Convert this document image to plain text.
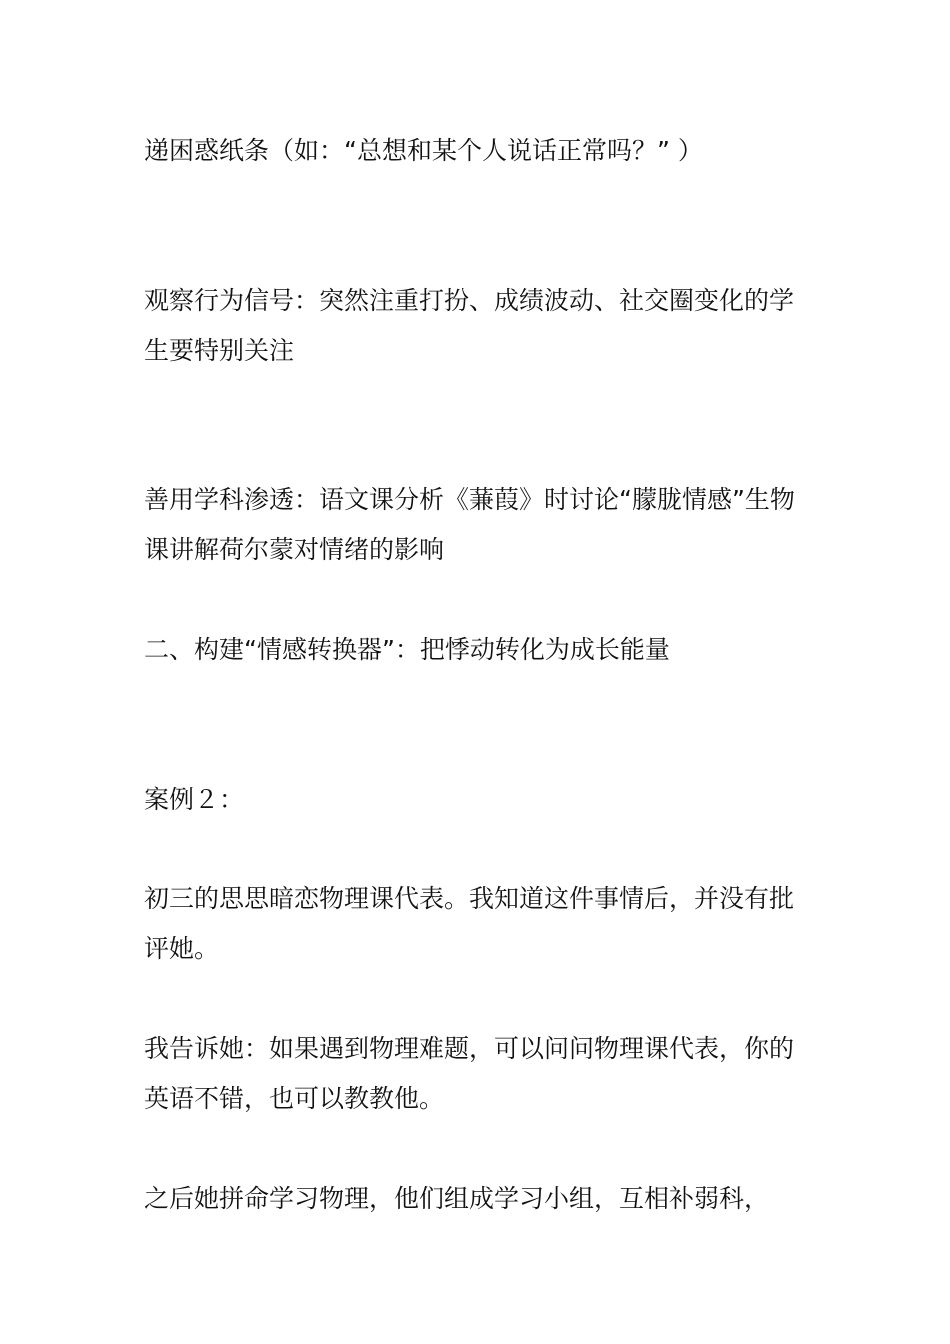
递困惑纸条（如：“总想和某个人说话正常吗？” ）

观察行为信号：突然注重打扮、成绩波动、社交圈变化的学生要特别关注

善用学科渗透：语文课分析《蒹葭》时讨论“朦胧情感”生物课讲解荷尔蒙对情绪的影响

二、构建“情感转换器”：把悸动转化为成长能量

案例２：

初三的思思暗恋物理课代表。我知道这件事情后，并没有批评她。

我告诉她：如果遇到物理难题，可以问问物理课代表，你的英语不错，也可以教教他。

之后她拼命学习物理，他们组成学习小组，互相补弱科，
